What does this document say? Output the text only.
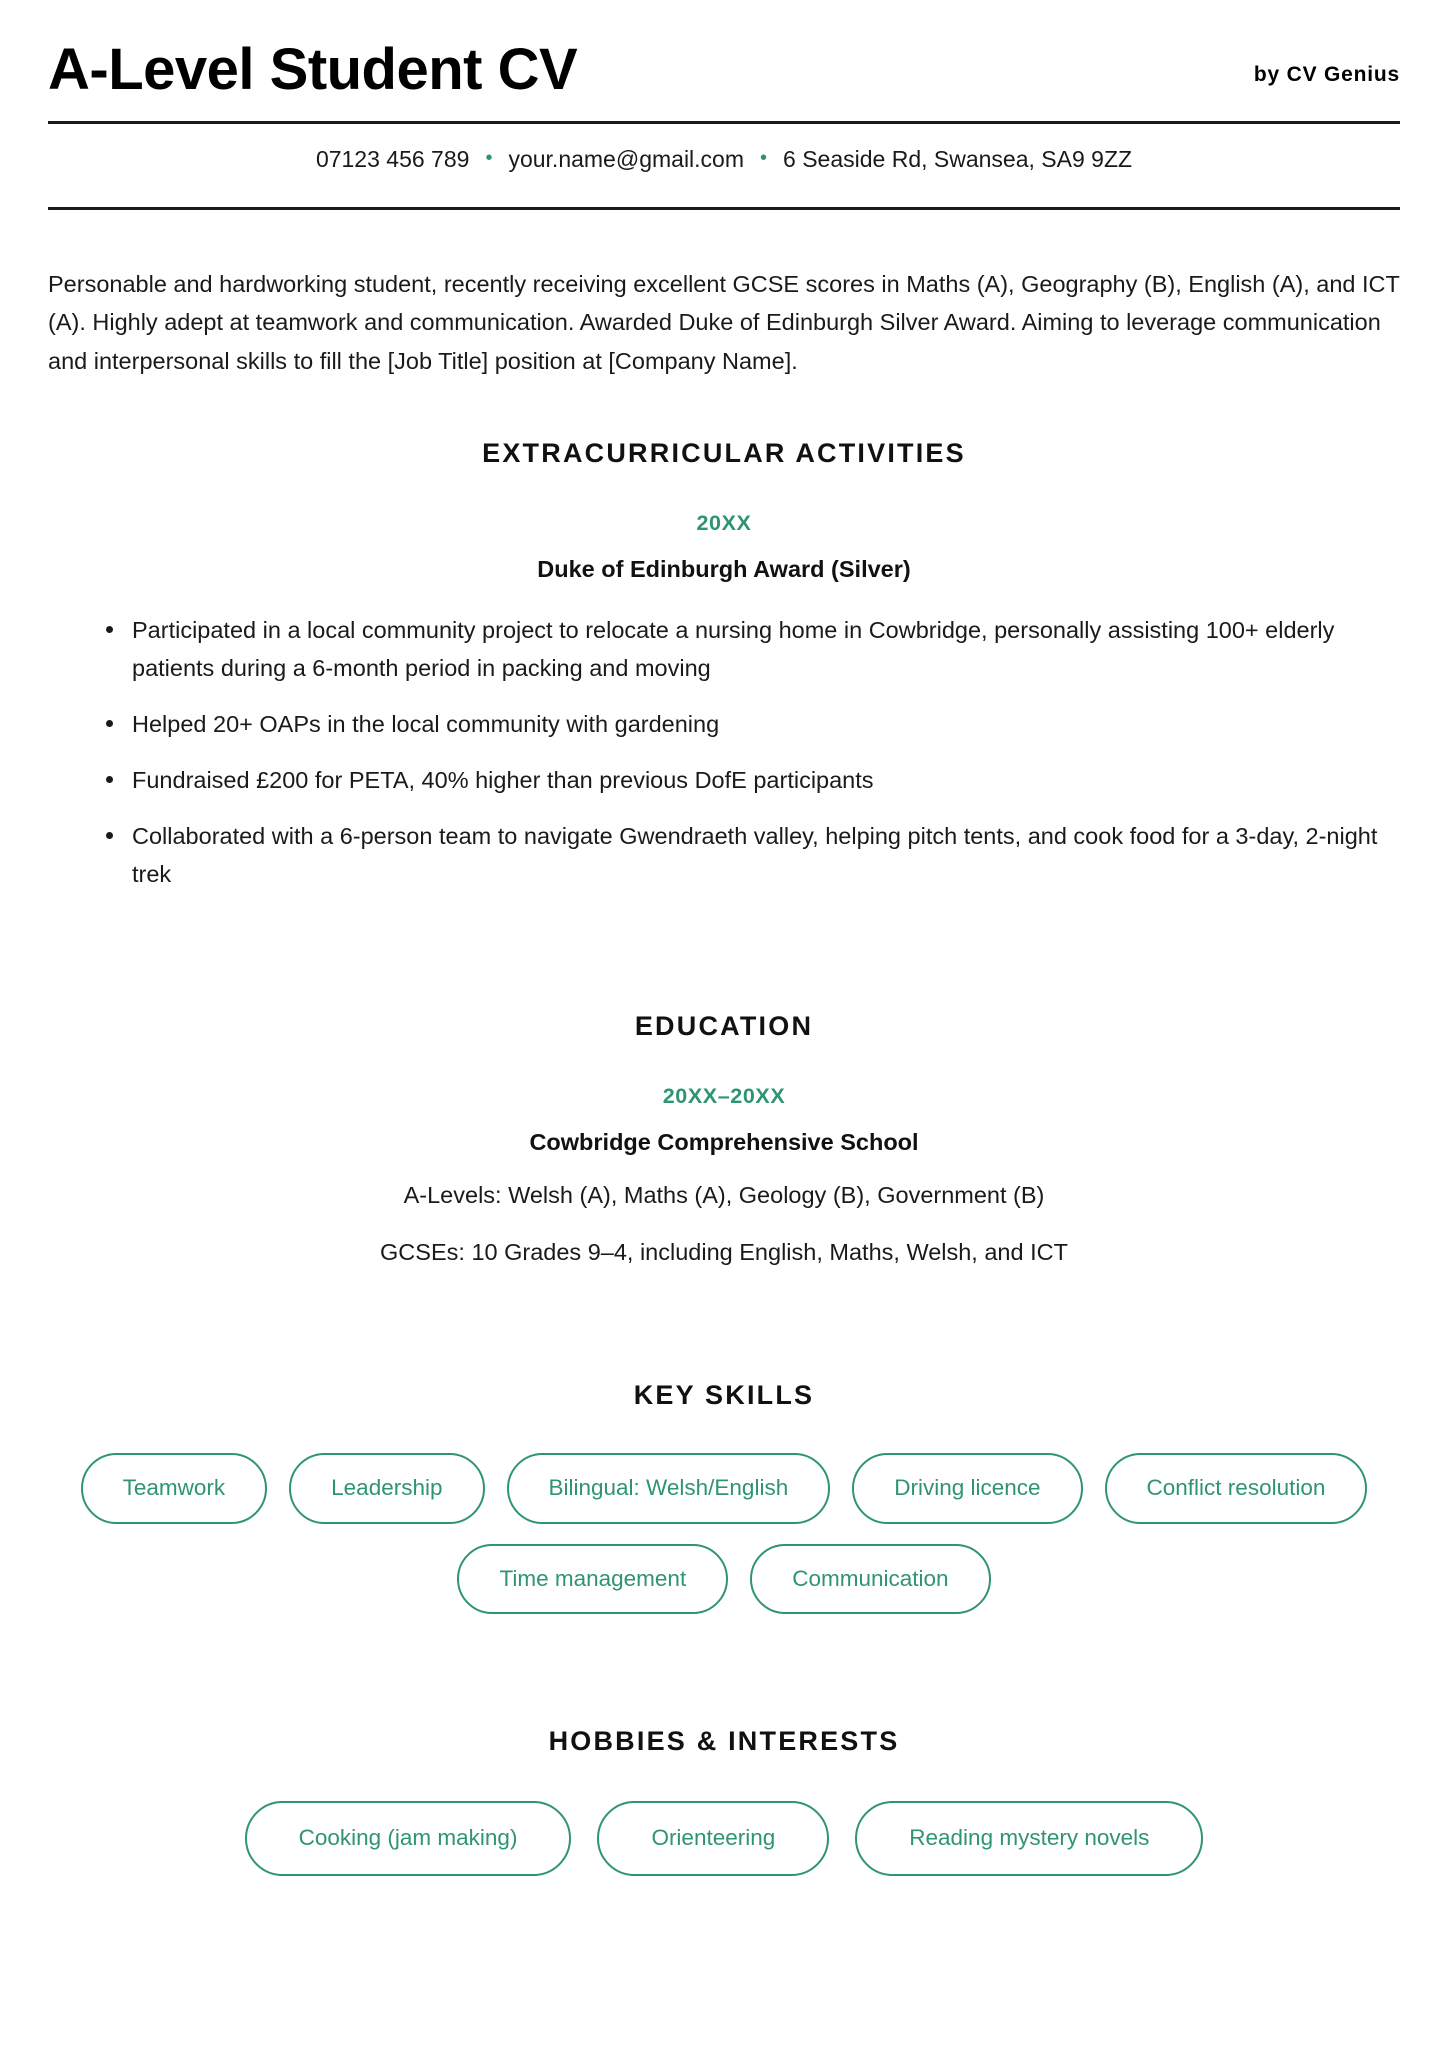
A-Level Student CV	by CV Genius
07123 456 789 • your.name@gmail.com • 6 Seaside Rd, Swansea, SA9 9ZZ

Personable and hardworking student, recently receiving excellent GCSE scores in Maths (A), Geography (B), English (A), and ICT (A). Highly adept at teamwork and communication. Awarded Duke of Edinburgh Silver Award. Aiming to leverage communication and interpersonal skills to fill the [Job Title] position at [Company Name].

EXTRACURRICULAR ACTIVITIES
20XX
Duke of Edinburgh Award (Silver)
Participated in a local community project to relocate a nursing home in Cowbridge, personally assisting 100+ elderly patients during a 6-month period in packing and moving
Helped 20+ OAPs in the local community with gardening
Fundraised £200 for PETA, 40% higher than previous DofE participants
Collaborated with a 6-person team to navigate Gwendraeth valley, helping pitch tents, and cook food for a 3-day, 2-night trek
EDUCATION
20XX–20XX
Cowbridge Comprehensive School
A-Levels: Welsh (A), Maths (A), Geology (B), Government (B)
GCSEs: 10 Grades 9–4, including English, Maths, Welsh, and ICT
KEY SKILLS
Teamwork	Leadership	Bilingual: Welsh/English	Driving licence	Conflict resolution
Time management	Communication
HOBBIES & INTERESTS
Cooking (jam making)	Orienteering	Reading mystery novels
